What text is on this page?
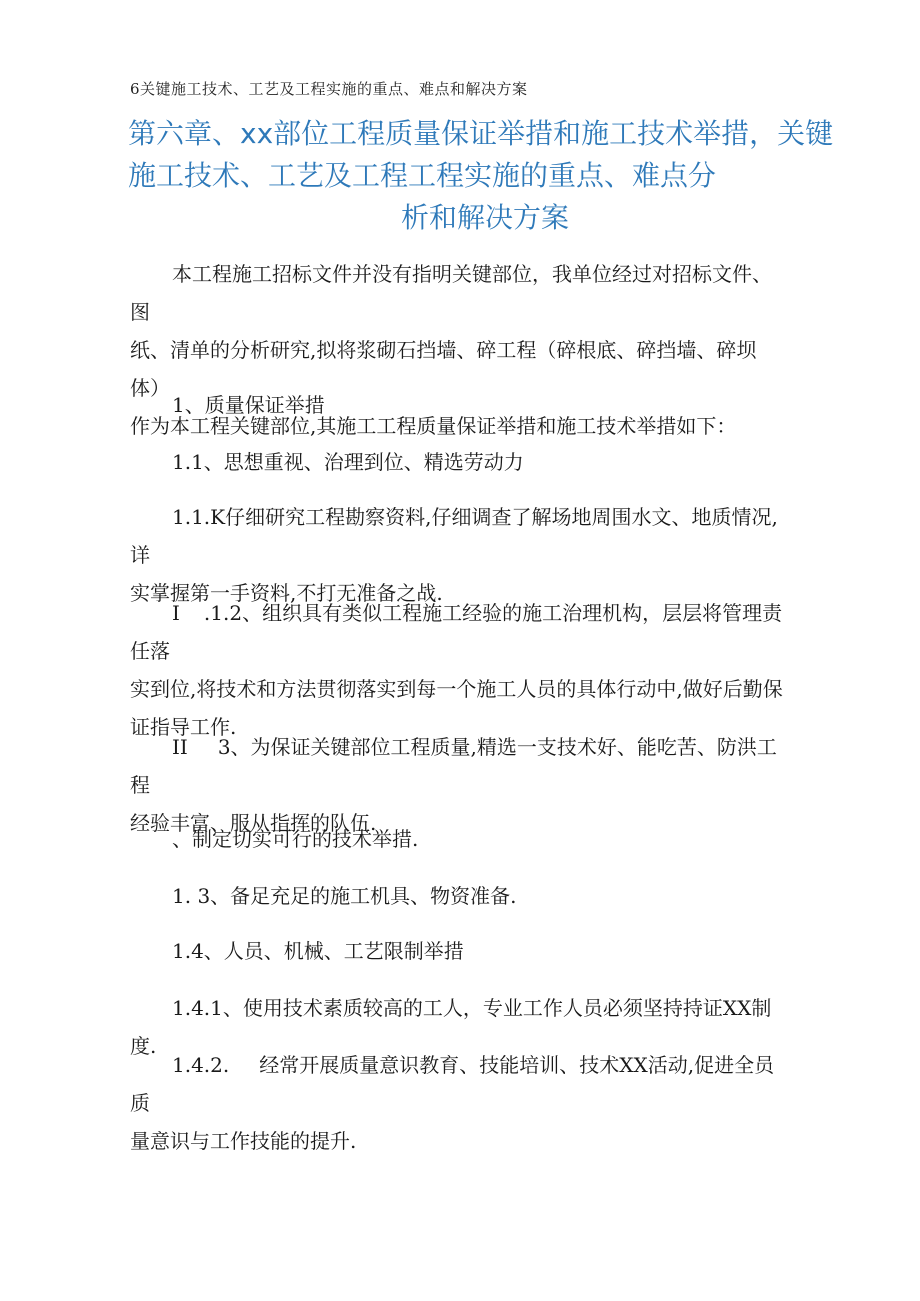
6关键施工技术、工艺及工程实施的重点、难点和解决方案
第六章、xx部位工程质量保证举措和施工技术举措，关键
施工技术、工艺及工程工程实施的重点、难点分
析和解决方案
本工程施工招标文件并没有指明关键部位，我单位经过对招标文件、图
纸、清单的分析研究,拟将浆砌石挡墙、碎工程（碎根底、碎挡墙、碎坝体）
作为本工程关键部位,其施工工程质量保证举措和施工技术举措如下：
1、质量保证举措
1.1、思想重视、治理到位、精选劳动力
1.1.K仔细研究工程勘察资料,仔细调查了解场地周围水文、地质情况,详
实掌握第一手资料,不打无准备之战.
I .1.2、组织具有类似工程施工经验的施工治理机构，层层将管理责任落
实到位,将技术和方法贯彻落实到每一个施工人员的具体行动中,做好后勤保
证指导工作.
II 3、为保证关键部位工程质量,精选一支技术好、能吃苦、防洪工程
经验丰富、服从指挥的队伍.
、制定切实可行的技术举措.
1. 3、备足充足的施工机具、物资准备.
1.4、人员、机械、工艺限制举措
1.4.1、使用技术素质较高的工人，专业工作人员必须坚持持证XX制度.
1.4.2. 经常开展质量意识教育、技能培训、技术XX活动,促进全员质
量意识与工作技能的提升.
